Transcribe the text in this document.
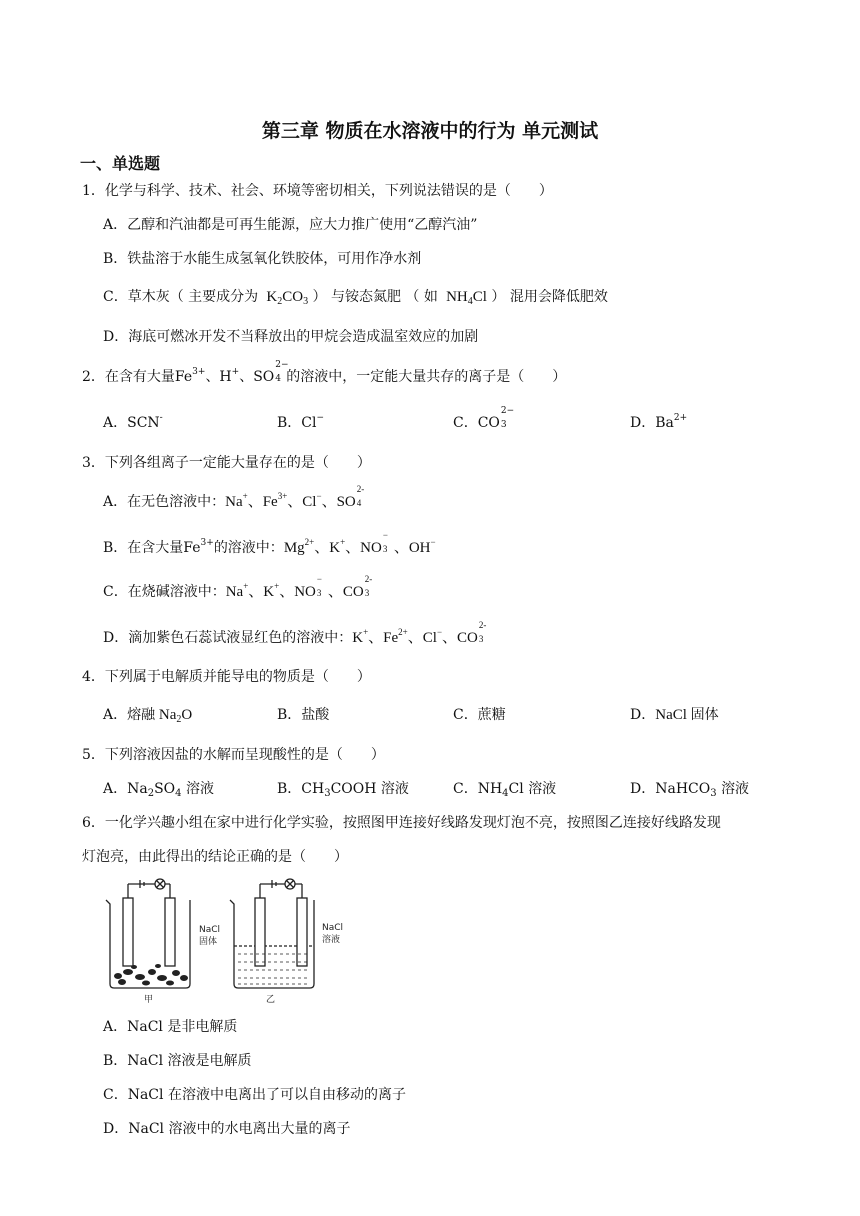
第三章 物质在水溶液中的行为 单元测试
一、单选题
1．化学与科学、技术、社会、环境等密切相关，下列说法错误的是（　　）
A．乙醇和汽油都是可再生能源，应大力推广使用“乙醇汽油”
B．铁盐溶于水能生成氢氧化铁胶体，可用作净水剂
C．草木灰（ 主要成分为  $K_2CO_3$ ） 与铵态氮肥 （ 如  $NH_4Cl$ ） 混用会降低肥效
D．海底可燃冰开发不当释放出的甲烷会造成温室效应的加剧
2．在含有大量$Fe^{3+}$、H+、SO
2−
4 的溶液中，一定能大量共存的离子是（　　）
A．SCN-	B．Cl−	C．CO
2−
3	D．$Ba^{2+}$
3．下列各组离子一定能大量存在的是（　　）
A．在无色溶液中：Na+、$Fe^{3+}$、Cl−、SO
2-
4
B．在含大量$Fe^{3+}$的溶液中：$Mg^{2+}$、K+、NO
−
3 、OH−
C．在烧碱溶液中：Na+、K+、NO
−
3 、CO
2-
3
D．滴加紫色石蕊试液显红色的溶液中：K+、$Fe^{2+}$、Cl−、CO
2-
3
4．下列属于电解质并能导电的物质是（　　）
A．熔融 $Na_2O$	B．盐酸	C．蔗糖	D．NaCl 固体
5．下列溶液因盐的水解而呈现酸性的是（　　）
A．$Na_2SO_4$ 溶液	B．$CH_3COOH$ 溶液	C．$NH_4Cl$ 溶液	D．NaHCO$_3$ 溶液
6．一化学兴趣小组在家中进行化学实验，按照图甲连接好线路发现灯泡不亮，按照图乙连接好线路发现
灯泡亮，由此得出的结论正确的是（　　）
NaCl
固体
甲
NaCl
溶液
乙
A．NaCl 是非电解质
B．NaCl 溶液是电解质
C．NaCl 在溶液中电离出了可以自由移动的离子
D．NaCl 溶液中的水电离出大量的离子
